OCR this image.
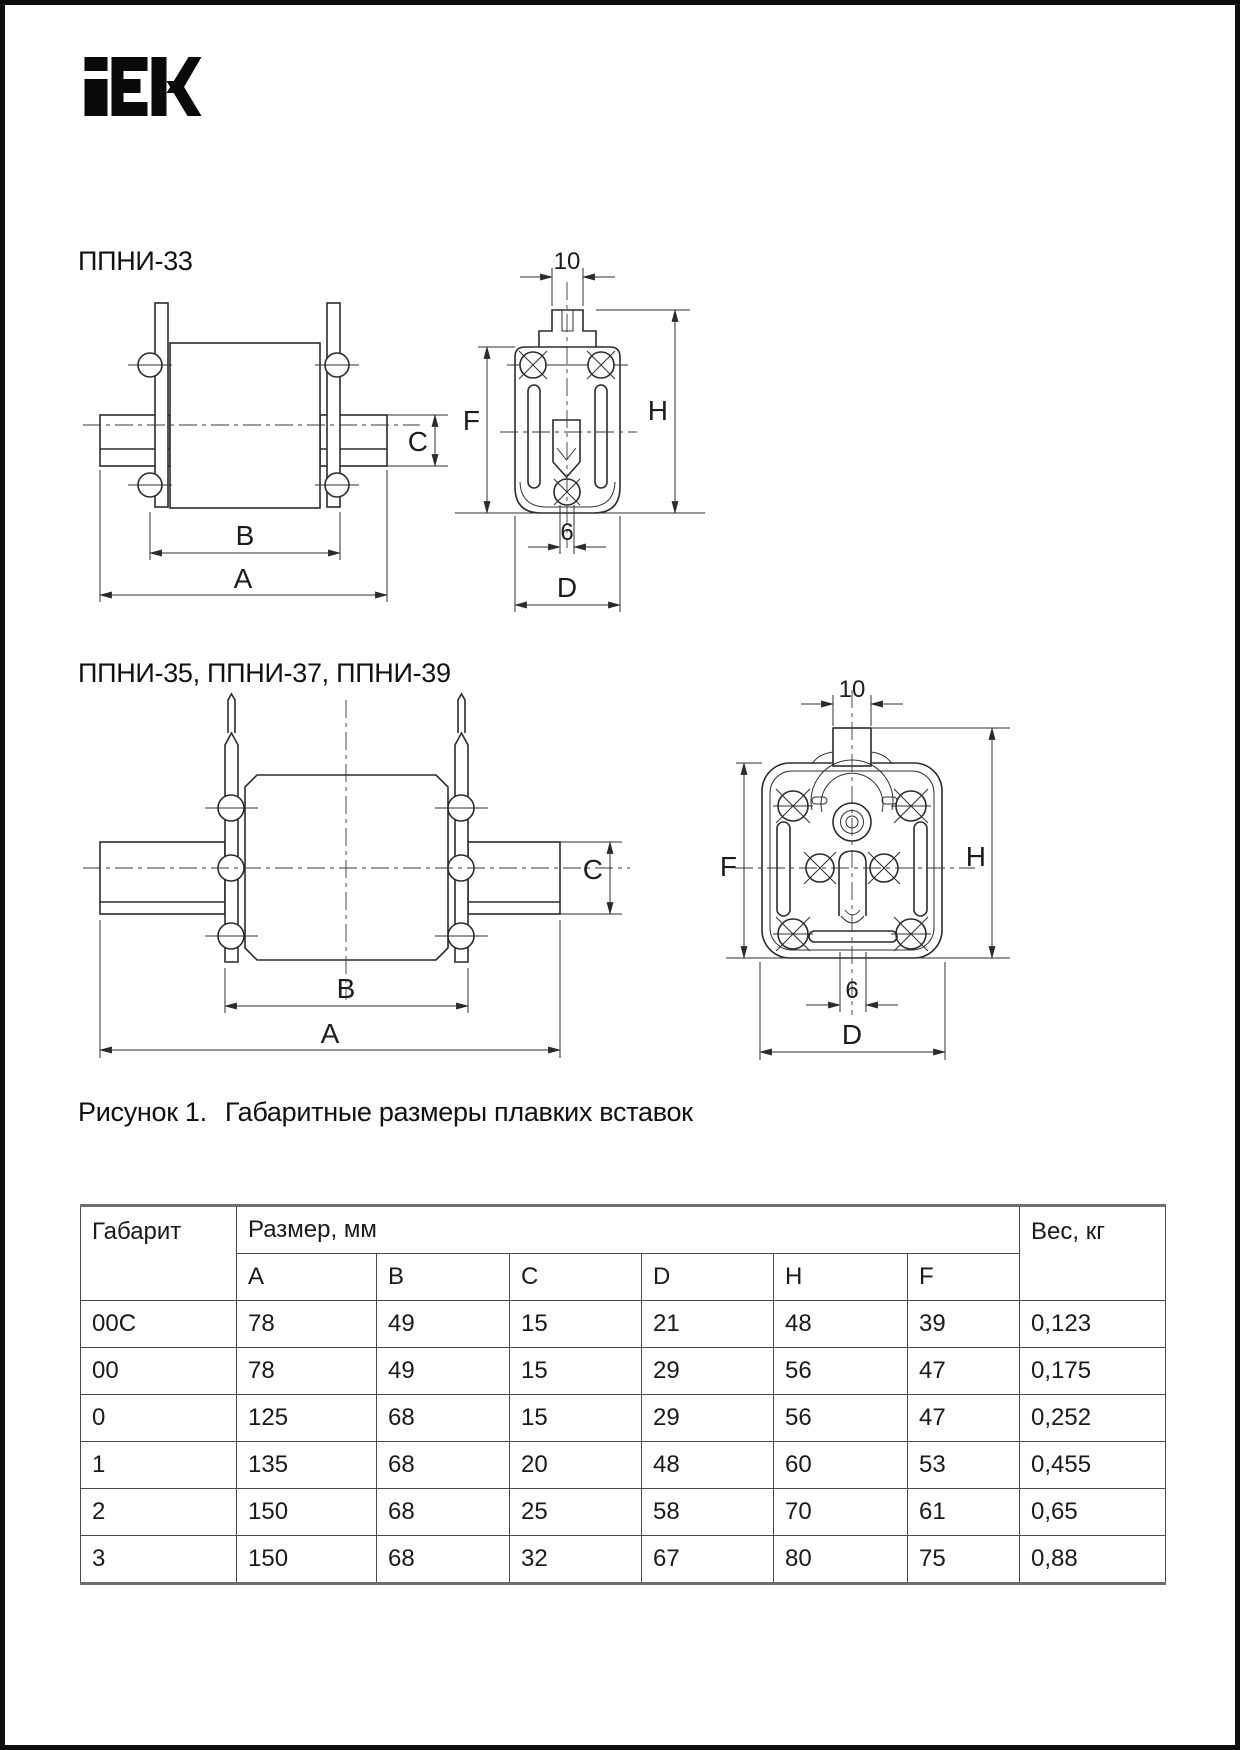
ППНИ-33
B
A
C
10
F	H
6
D
ППНИ-35, ППНИ-37, ППНИ-39
B
A
C
10
H
F
6
D
Рисунок 1. Габаритные размеры плавких вставок
Габарит	Размер, мм						Вес, кг
	A	B	C	D	H	F	
00C	78	49	15	21	48	39	0,123
00	78	49	15	29	56	47	0,175
0	125	68	15	29	56	47	0,252
1	135	68	20	48	60	53	0,455
2	150	68	25	58	70	61	0,65
3	150	68	32	67	80	75	0,88
